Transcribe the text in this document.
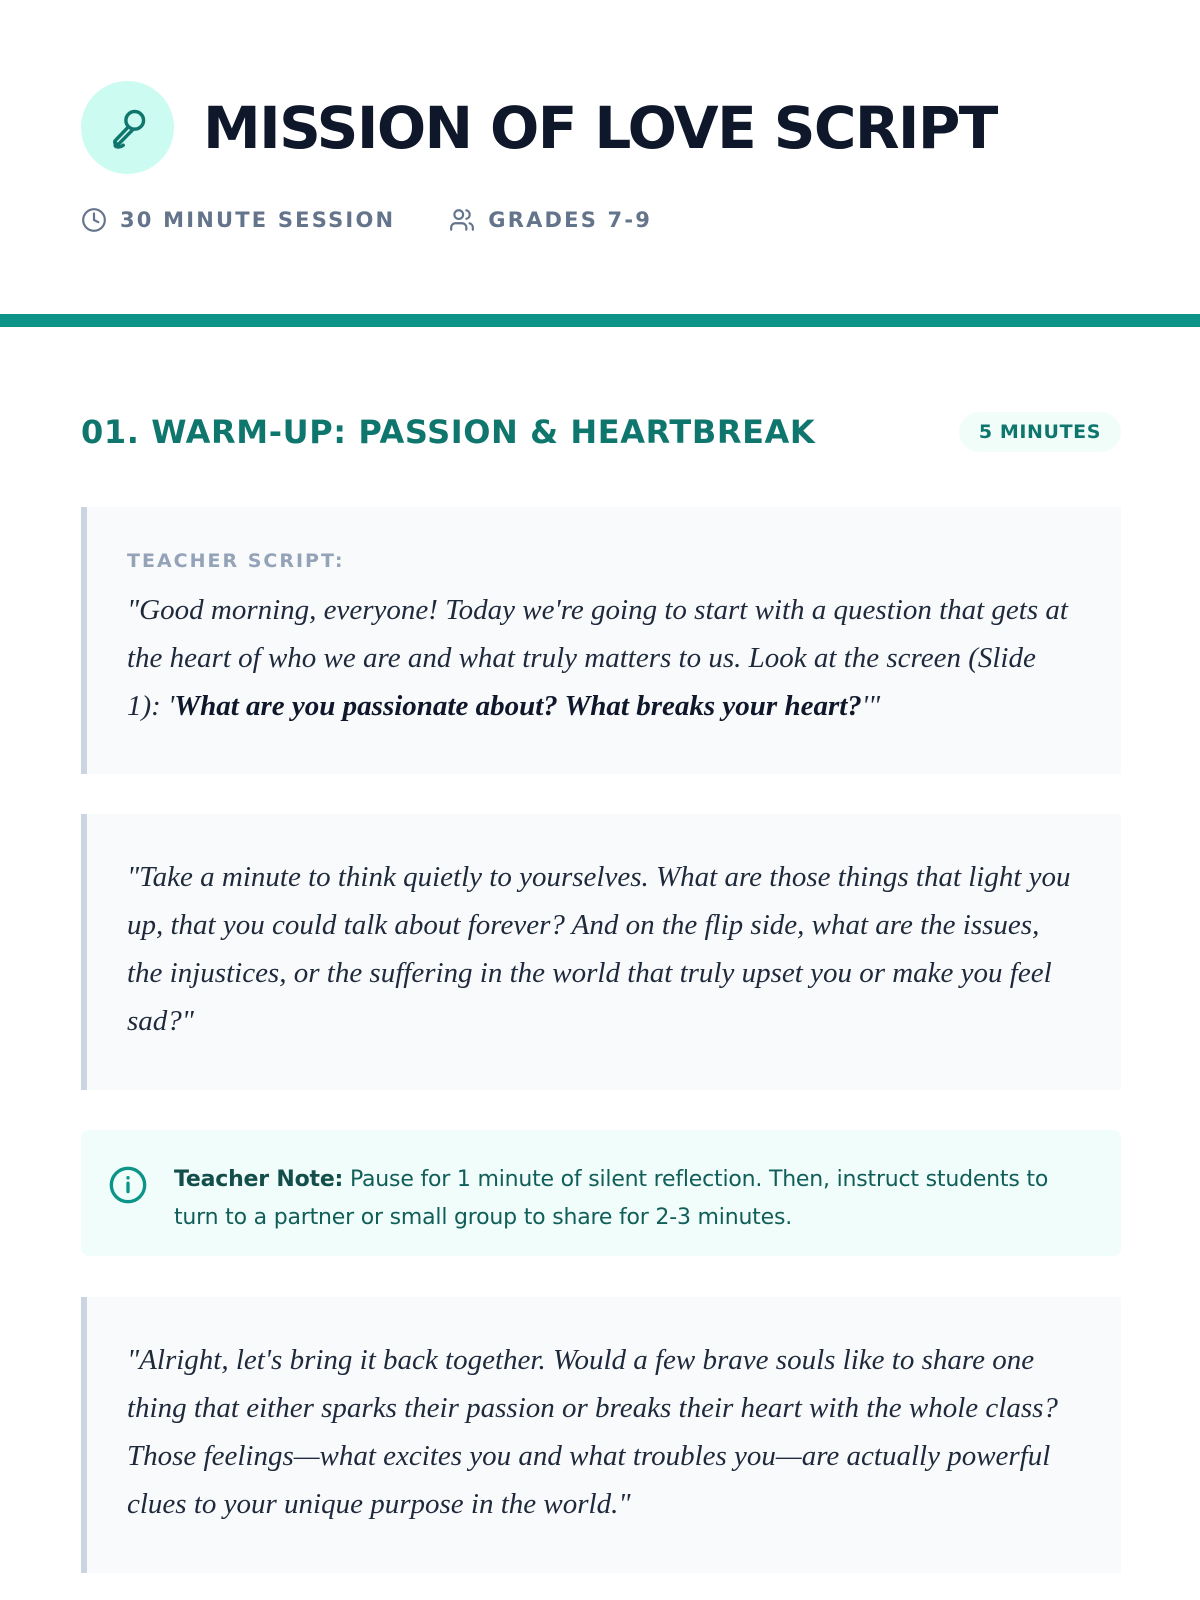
MISSION OF LOVE SCRIPT
30 MINUTE SESSION	GRADES 7-9
01. WARM-UP: PASSION & HEARTBREAK	5 MINUTES
TEACHER SCRIPT:

"Good morning, everyone! Today we're going to start with a question that gets at the heart of who we are and what truly matters to us. Look at the screen (Slide 1): 'What are you passionate about? What breaks your heart?'"

"Take a minute to think quietly to yourselves. What are those things that light you up, that you could talk about forever? And on the flip side, what are the issues, the injustices, or the suffering in the world that truly upset you or make you feel sad?"

Teacher Note: Pause for 1 minute of silent reflection. Then, instruct students to turn to a partner or small group to share for 2-3 minutes.

"Alright, let's bring it back together. Would a few brave souls like to share one thing that either sparks their passion or breaks their heart with the whole class? Those feelings—what excites you and what troubles you—are actually powerful clues to your unique purpose in the world."
